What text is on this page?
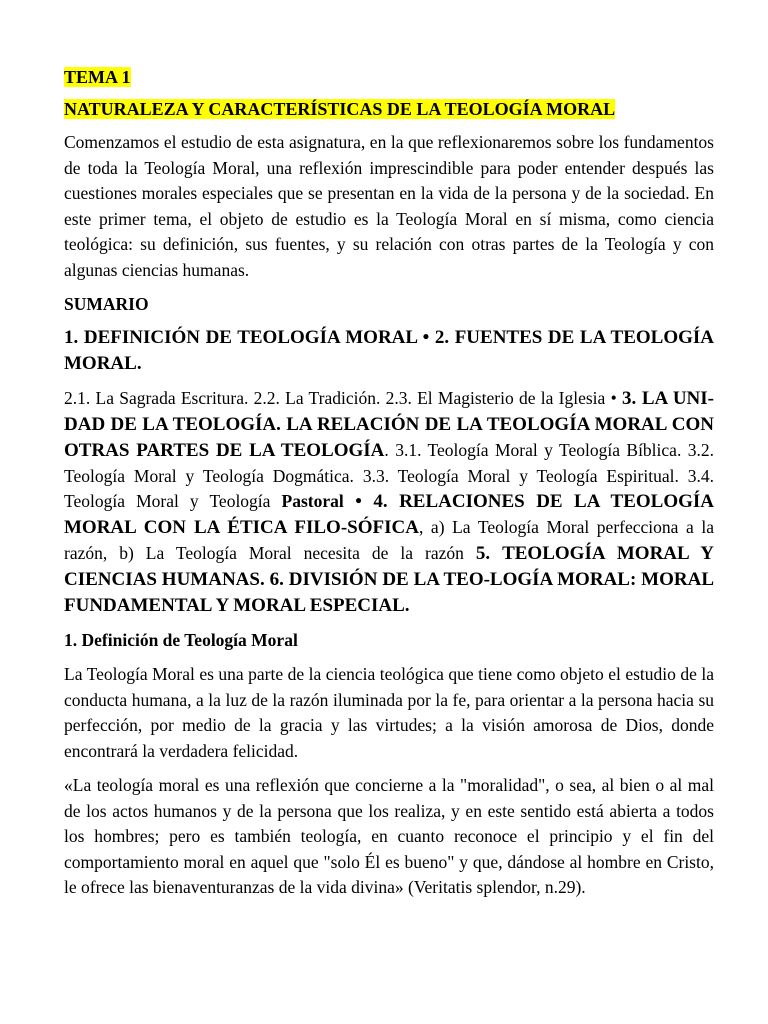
TEMA 1
NATURALEZA Y CARACTERÍSTICAS DE LA TEOLOGÍA MORAL

Comenzamos el estudio de esta asignatura, en la que reflexionaremos sobre los fundamentos de toda la Teología Moral, una reflexión imprescindible para poder entender después las cuestiones morales especiales que se presentan en la vida de la persona y de la sociedad. En este primer tema, el objeto de estudio es la Teología Moral en sí misma, como ciencia teológica: su definición, sus fuentes, y su relación con otras partes de la Teología y con algunas ciencias humanas.

SUMARIO

1. DEFINICIÓN DE TEOLOGÍA MORAL • 2. FUENTES DE LA TEOLOGÍA MORAL.

2.1. La Sagrada Escritura. 2.2. La Tradición. 2.3. El Magisterio de la Iglesia • 3. LA UNI-DAD DE LA TEOLOGÍA. LA RELACIÓN DE LA TEOLOGÍA MORAL CON OTRAS PARTES DE LA TEOLOGÍA. 3.1. Teología Moral y Teología Bíblica. 3.2. Teología Moral y Teología Dogmática. 3.3. Teología Moral y Teología Espiritual. 3.4. Teología Moral y Teología Pastoral • 4. RELACIONES DE LA TEOLOGÍA MORAL CON LA ÉTICA FILO-SÓFICA, a) La Teología Moral perfecciona a la razón, b) La Teología Moral necesita de la razón 5. TEOLOGÍA MORAL Y CIENCIAS HUMANAS. 6. DIVISIÓN DE LA TEO-LOGÍA MORAL: MORAL FUNDAMENTAL Y MORAL ESPECIAL.

1. Definición de Teología Moral

La Teología Moral es una parte de la ciencia teológica que tiene como objeto el estudio de la conducta humana, a la luz de la razón iluminada por la fe, para orientar a la persona hacia su perfección, por medio de la gracia y las virtudes; a la visión amorosa de Dios, donde encontrará la verdadera felicidad.

«La teología moral es una reflexión que concierne a la "moralidad", o sea, al bien o al mal de los actos humanos y de la persona que los realiza, y en este sentido está abierta a todos los hombres; pero es también teología, en cuanto reconoce el principio y el fin del comportamiento moral en aquel que "solo Él es bueno" y que, dándose al hombre en Cristo, le ofrece las bienaventuranzas de la vida divina» (Veritatis splendor, n.29).
